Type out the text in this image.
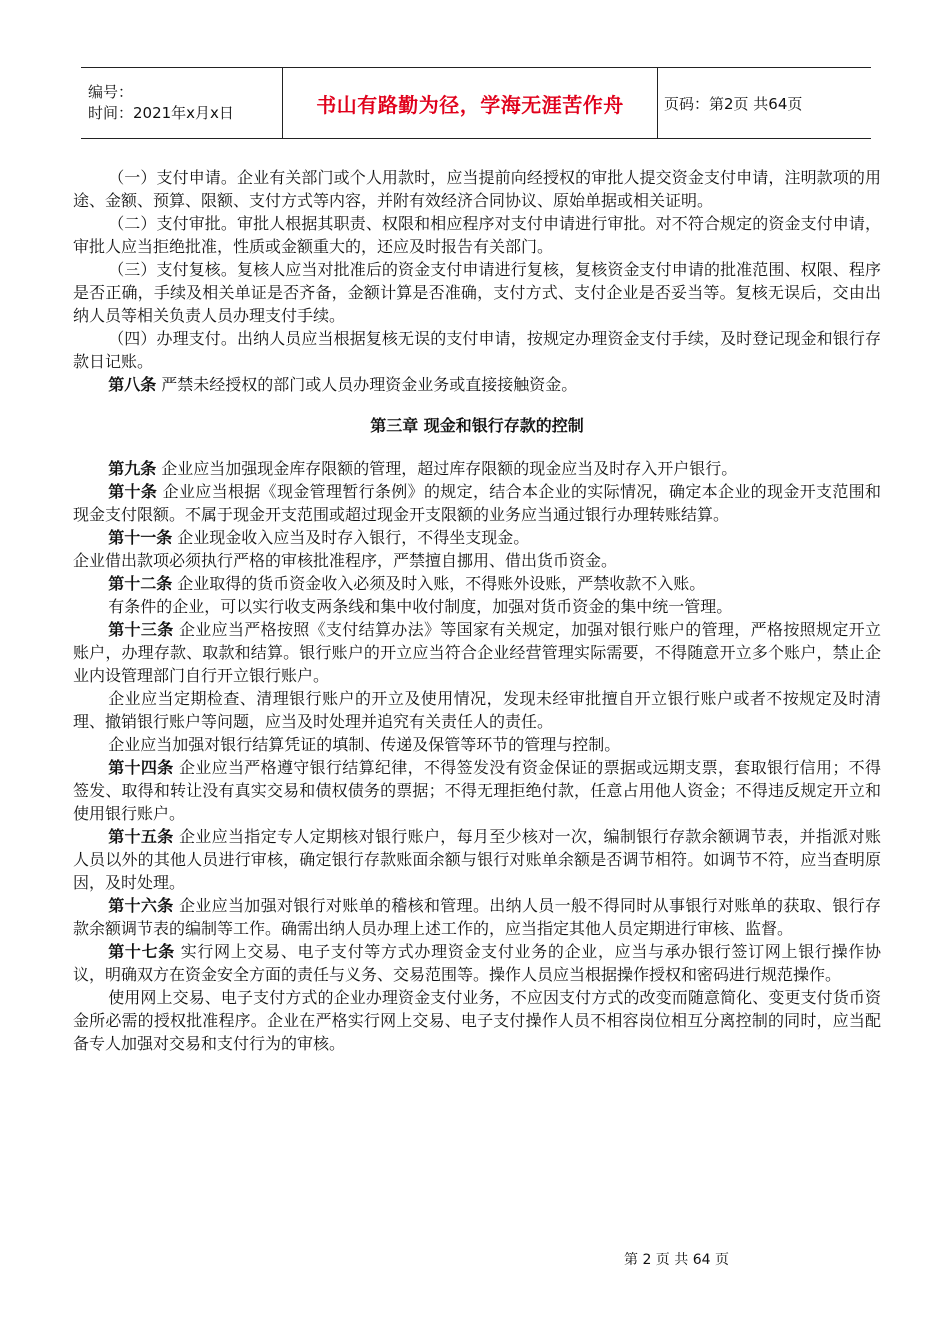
编号：
时间：2021年x月x日	书山有路勤为径，学海无涯苦作舟	页码：第2页 共64页

（一）支付申请。企业有关部门或个人用款时，应当提前向经授权的审批人提交资金支付申请，注明款项的用途、金额、预算、限额、支付方式等内容，并附有效经济合同协议、原始单据或相关证明。

（二）支付审批。审批人根据其职责、权限和相应程序对支付申请进行审批。对不符合规定的资金支付申请，审批人应当拒绝批准，性质或金额重大的，还应及时报告有关部门。

（三）支付复核。复核人应当对批准后的资金支付申请进行复核，复核资金支付申请的批准范围、权限、程序是否正确，手续及相关单证是否齐备，金额计算是否准确，支付方式、支付企业是否妥当等。复核无误后，交由出纳人员等相关负责人员办理支付手续。

（四）办理支付。出纳人员应当根据复核无误的支付申请，按规定办理资金支付手续，及时登记现金和银行存款日记账。

第八条 严禁未经授权的部门或人员办理资金业务或直接接触资金。

第三章 现金和银行存款的控制

第九条 企业应当加强现金库存限额的管理，超过库存限额的现金应当及时存入开户银行。

第十条 企业应当根据《现金管理暂行条例》的规定，结合本企业的实际情况，确定本企业的现金开支范围和现金支付限额。不属于现金开支范围或超过现金开支限额的业务应当通过银行办理转账结算。

第十一条 企业现金收入应当及时存入银行，不得坐支现金。

企业借出款项必须执行严格的审核批准程序，严禁擅自挪用、借出货币资金。

第十二条 企业取得的货币资金收入必须及时入账，不得账外设账，严禁收款不入账。

有条件的企业，可以实行收支两条线和集中收付制度，加强对货币资金的集中统一管理。

第十三条 企业应当严格按照《支付结算办法》等国家有关规定，加强对银行账户的管理，严格按照规定开立账户，办理存款、取款和结算。银行账户的开立应当符合企业经营管理实际需要，不得随意开立多个账户，禁止企业内设管理部门自行开立银行账户。

企业应当定期检查、清理银行账户的开立及使用情况，发现未经审批擅自开立银行账户或者不按规定及时清理、撤销银行账户等问题，应当及时处理并追究有关责任人的责任。

企业应当加强对银行结算凭证的填制、传递及保管等环节的管理与控制。

第十四条 企业应当严格遵守银行结算纪律，不得签发没有资金保证的票据或远期支票，套取银行信用；不得签发、取得和转让没有真实交易和债权债务的票据；不得无理拒绝付款，任意占用他人资金；不得违反规定开立和使用银行账户。

第十五条 企业应当指定专人定期核对银行账户，每月至少核对一次，编制银行存款余额调节表，并指派对账人员以外的其他人员进行审核，确定银行存款账面余额与银行对账单余额是否调节相符。如调节不符，应当查明原因，及时处理。

第十六条 企业应当加强对银行对账单的稽核和管理。出纳人员一般不得同时从事银行对账单的获取、银行存款余额调节表的编制等工作。确需出纳人员办理上述工作的，应当指定其他人员定期进行审核、监督。

第十七条 实行网上交易、电子支付等方式办理资金支付业务的企业，应当与承办银行签订网上银行操作协议，明确双方在资金安全方面的责任与义务、交易范围等。操作人员应当根据操作授权和密码进行规范操作。

使用网上交易、电子支付方式的企业办理资金支付业务，不应因支付方式的改变而随意简化、变更支付货币资金所必需的授权批准程序。企业在严格实行网上交易、电子支付操作人员不相容岗位相互分离控制的同时，应当配备专人加强对交易和支付行为的审核。

第 2 页 共 64 页
